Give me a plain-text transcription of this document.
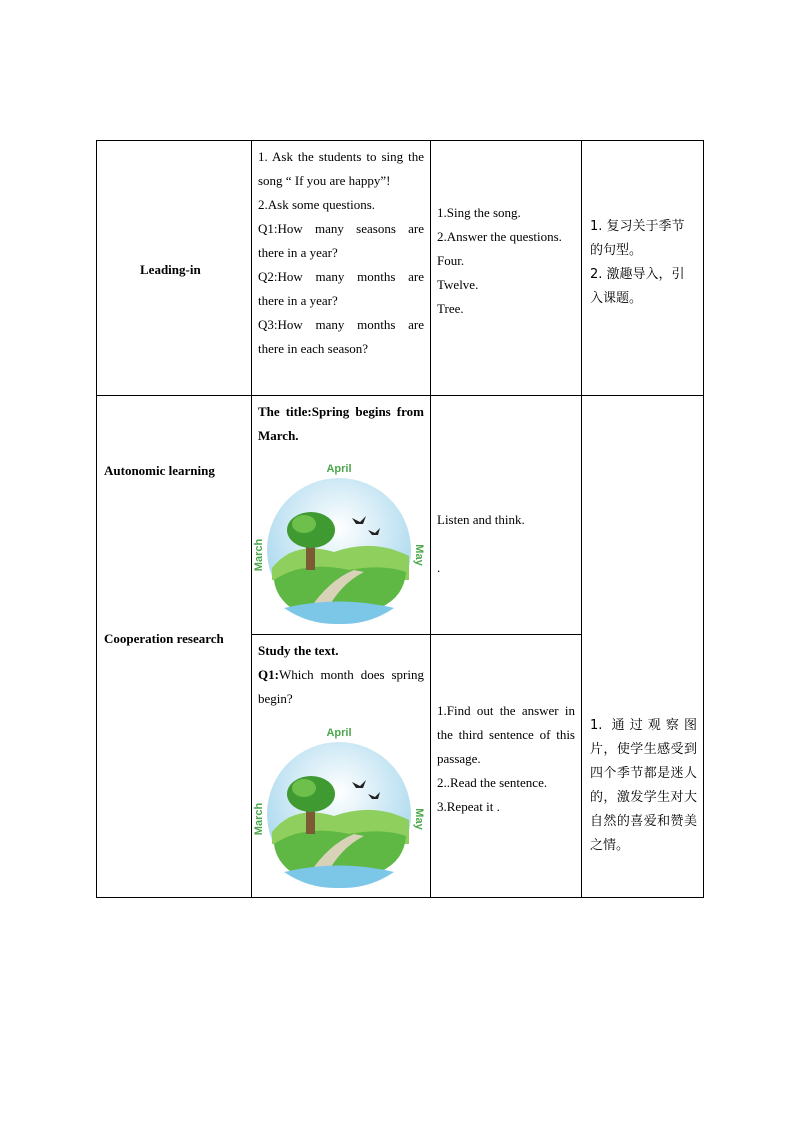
Leading-in

1. Ask the students to sing the song “ If you are happy”!

2.Ask some questions.

Q1:How many seasons are there in a year?

Q2:How many months are there in a year?

Q3:How many months are there in each season?

1.Sing the song.

2.Answer the questions.

Four.

Twelve.

Tree.

1. 复习关于季节的句型。

2. 激趣导入，引入课题。

Autonomic learning
Cooperation research
The title:Spring begins from March.

Listen and think.

.

Study the text.
Q1:Which month does spring begin?

1.Find out the answer in the third sentence of this passage.

2..Read the sentence.

3.Repeat it .

1. 通过观察图片，使学生感受到四个季节都是迷人的，激发学生对大自然的喜爱和赞美之情。
April
March	May
April
March	May
